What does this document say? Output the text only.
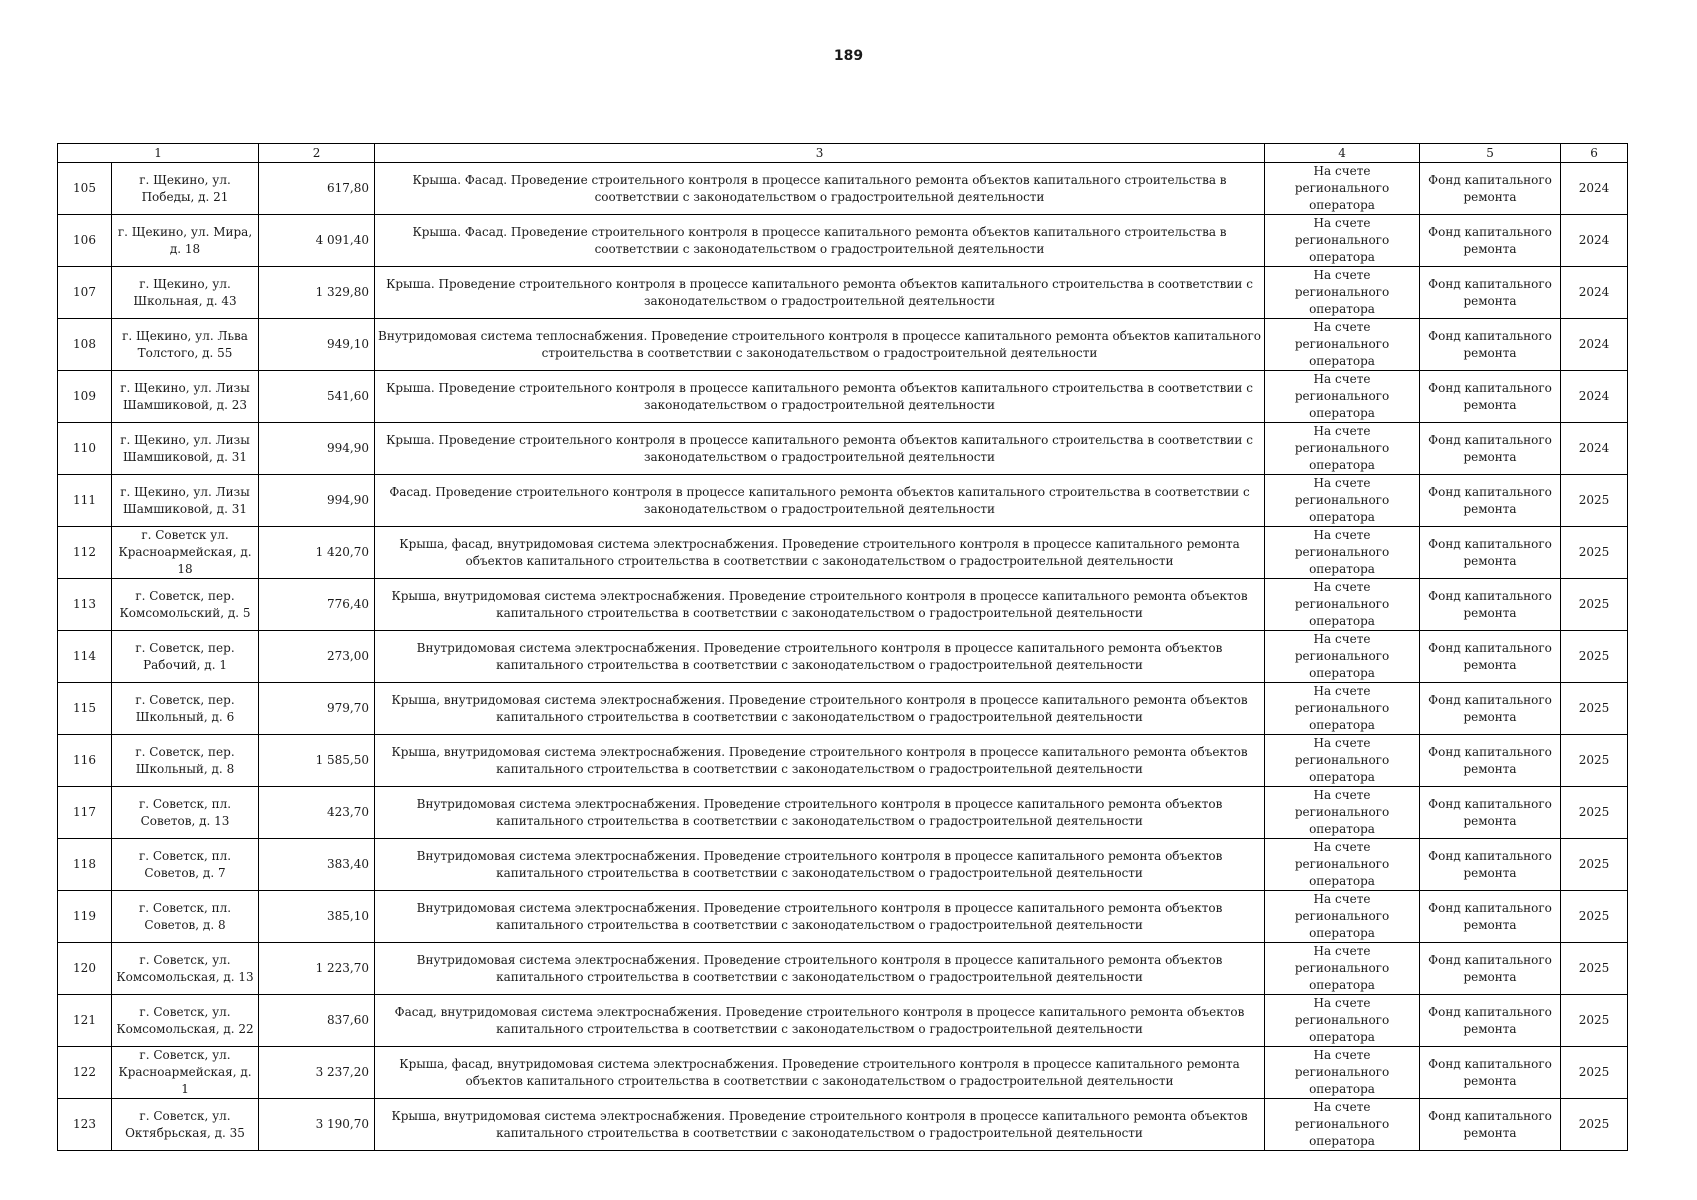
189
1		2	3	4	5	6
105	г. Щекино, ул. Победы, д. 21	617,80	Крыша. Фасад. Проведение строительного контроля в процессе капитального ремонта объектов капитального строительства в соответствии с законодательством о градостроительной деятельности	На счете регионального оператора	Фонд капитального ремонта	2024
106	г. Щекино, ул. Мира, д. 18	4 091,40	Крыша. Фасад. Проведение строительного контроля в процессе капитального ремонта объектов капитального строительства в соответствии с законодательством о градостроительной деятельности	На счете регионального оператора	Фонд капитального ремонта	2024
107	г. Щекино, ул. Школьная, д. 43	1 329,80	Крыша. Проведение строительного контроля в процессе капитального ремонта объектов капитального строительства в соответствии с законодательством о градостроительной деятельности	На счете регионального оператора	Фонд капитального ремонта	2024
108	г. Щекино, ул. Льва Толстого, д. 55	949,10	Внутридомовая система теплоснабжения. Проведение строительного контроля в процессе капитального ремонта объектов капитального строительства в соответствии с законодательством о градостроительной деятельности	На счете регионального оператора	Фонд капитального ремонта	2024
109	г. Щекино, ул. Лизы Шамшиковой, д. 23	541,60	Крыша. Проведение строительного контроля в процессе капитального ремонта объектов капитального строительства в соответствии с законодательством о градостроительной деятельности	На счете регионального оператора	Фонд капитального ремонта	2024
110	г. Щекино, ул. Лизы Шамшиковой, д. 31	994,90	Крыша. Проведение строительного контроля в процессе капитального ремонта объектов капитального строительства в соответствии с законодательством о градостроительной деятельности	На счете регионального оператора	Фонд капитального ремонта	2024
111	г. Щекино, ул. Лизы Шамшиковой, д. 31	994,90	Фасад. Проведение строительного контроля в процессе капитального ремонта объектов капитального строительства в соответствии с законодательством о градостроительной деятельности	На счете регионального оператора	Фонд капитального ремонта	2025
112	г. Советск ул. Красноармейская, д. 18	1 420,70	Крыша, фасад, внутридомовая система электроснабжения. Проведение строительного контроля в процессе капитального ремонта объектов капитального строительства в соответствии с законодательством о градостроительной деятельности	На счете регионального оператора	Фонд капитального ремонта	2025
113	г. Советск, пер. Комсомольский, д. 5	776,40	Крыша, внутридомовая система электроснабжения. Проведение строительного контроля в процессе капитального ремонта объектов капитального строительства в соответствии с законодательством о градостроительной деятельности	На счете регионального оператора	Фонд капитального ремонта	2025
114	г. Советск, пер. Рабочий, д. 1	273,00	Внутридомовая система электроснабжения. Проведение строительного контроля в процессе капитального ремонта объектов капитального строительства в соответствии с законодательством о градостроительной деятельности	На счете регионального оператора	Фонд капитального ремонта	2025
115	г. Советск, пер. Школьный, д. 6	979,70	Крыша, внутридомовая система электроснабжения. Проведение строительного контроля в процессе капитального ремонта объектов капитального строительства в соответствии с законодательством о градостроительной деятельности	На счете регионального оператора	Фонд капитального ремонта	2025
116	г. Советск, пер. Школьный, д. 8	1 585,50	Крыша, внутридомовая система электроснабжения. Проведение строительного контроля в процессе капитального ремонта объектов капитального строительства в соответствии с законодательством о градостроительной деятельности	На счете регионального оператора	Фонд капитального ремонта	2025
117	г. Советск, пл. Советов, д. 13	423,70	Внутридомовая система электроснабжения. Проведение строительного контроля в процессе капитального ремонта объектов капитального строительства в соответствии с законодательством о градостроительной деятельности	На счете регионального оператора	Фонд капитального ремонта	2025
118	г. Советск, пл. Советов, д. 7	383,40	Внутридомовая система электроснабжения. Проведение строительного контроля в процессе капитального ремонта объектов капитального строительства в соответствии с законодательством о градостроительной деятельности	На счете регионального оператора	Фонд капитального ремонта	2025
119	г. Советск, пл. Советов, д. 8	385,10	Внутридомовая система электроснабжения. Проведение строительного контроля в процессе капитального ремонта объектов капитального строительства в соответствии с законодательством о градостроительной деятельности	На счете регионального оператора	Фонд капитального ремонта	2025
120	г. Советск, ул. Комсомольская, д. 13	1 223,70	Внутридомовая система электроснабжения. Проведение строительного контроля в процессе капитального ремонта объектов капитального строительства в соответствии с законодательством о градостроительной деятельности	На счете регионального оператора	Фонд капитального ремонта	2025
121	г. Советск, ул. Комсомольская, д. 22	837,60	Фасад, внутридомовая система электроснабжения. Проведение строительного контроля в процессе капитального ремонта объектов капитального строительства в соответствии с законодательством о градостроительной деятельности	На счете регионального оператора	Фонд капитального ремонта	2025
122	г. Советск, ул. Красноармейская, д. 1	3 237,20	Крыша, фасад, внутридомовая система электроснабжения. Проведение строительного контроля в процессе капитального ремонта объектов капитального строительства в соответствии с законодательством о градостроительной деятельности	На счете регионального оператора	Фонд капитального ремонта	2025
123	г. Советск, ул. Октябрьская, д. 35	3 190,70	Крыша, внутридомовая система электроснабжения. Проведение строительного контроля в процессе капитального ремонта объектов капитального строительства в соответствии с законодательством о градостроительной деятельности	На счете регионального оператора	Фонд капитального ремонта	2025
